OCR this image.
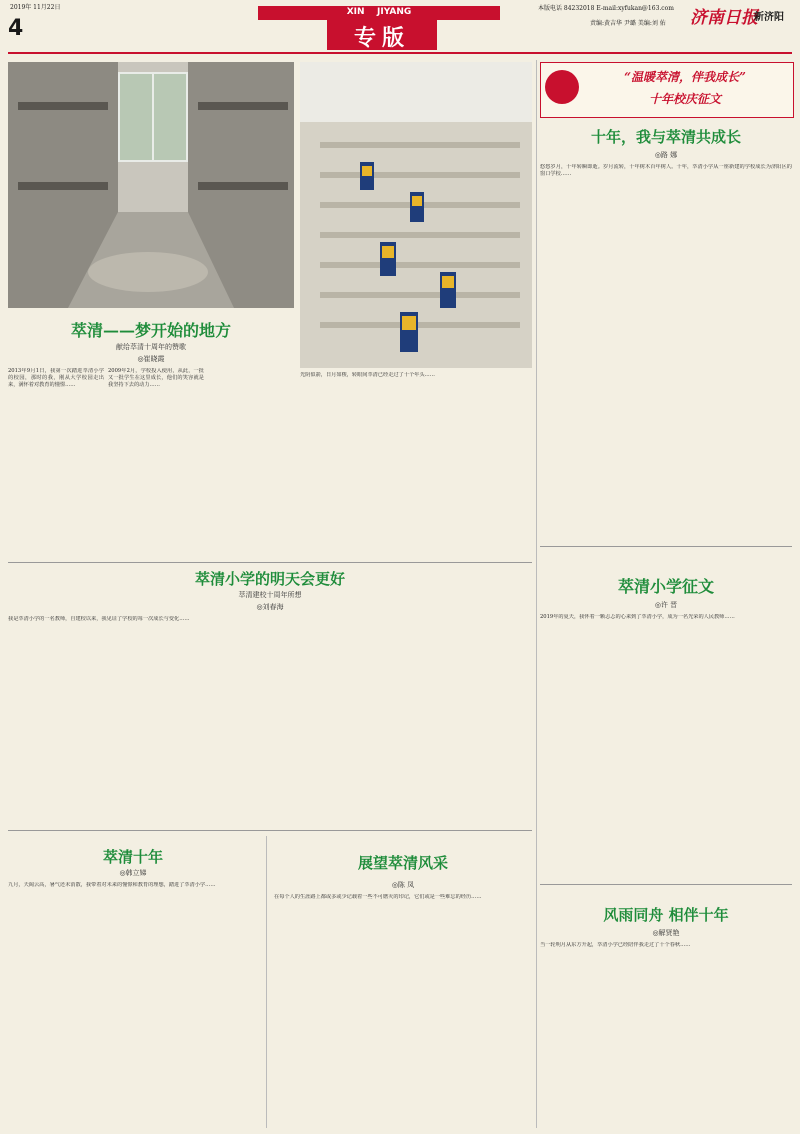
2019年 11月22日
4
XIN    JIYANG
专版
本版电话 84232018 E-mail:xyfukan@163.com
责编:黄吉华 尹璐 美编:刘 佑 济南日报
新济阳
“温暖萃清，伴我成长”
十年校庆征文
萃清——梦开始的地方
献给萃清十周年的赞歌
◎崔晓霞
2013年9月1日，我第一次踏进萃清小学的校园，那时的我，刚从大学校园走出来，满怀着对教育的憧憬……
2009年2月，学校投入使用，从此，一批又一批学生在这里成长，他们的笑容就是我坚持下去的动力……
光阴似箭，日月如梭，转眼间萃清已经走过了十个年头……
十年，我与萃清共成长
◎路 娜
悠悠岁月，十年转瞬即逝。岁月流转，十年树木百年树人。十年，萃清小学从一座新建的学校成长为济阳区的窗口学校……
萃清小学征文
◎许 晋
2019年的夏天，我怀着一颗忐忑的心来到了萃清小学，成为一名光荣的人民教师……
萃清小学的明天会更好
萃清建校十周年所想
◎刘春海
我是萃清小学的一名教师，自建校以来，我见证了学校的每一次成长与变化……
萃清十年
◎韩立娣
九月，天阔云高，暑气还未消散，我带着对未来的憧憬和教育的理想，踏进了萃清小学……
展望萃清风采
◎陈 凤
在每个人的生涯路上都或多或少记载着一些不可磨灭的印记，它们或是一些难忘的经历……
风雨同舟 相伴十年
◎解贤艳
当一轮明月从东方升起，萃清小学已经陪伴我走过了十个春秋……
